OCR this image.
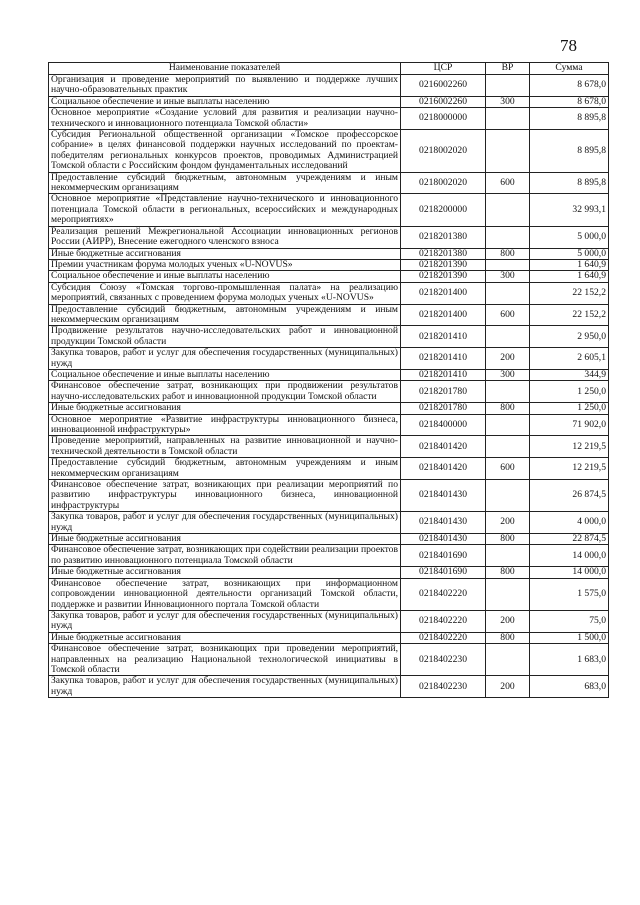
78
Наименование показателей	ЦСР	ВР	Сумма
Организация и проведение мероприятий по выявлению и поддержке лучших научно-образовательных практик	0216002260		8 678,0
Социальное обеспечение и иные выплаты населению	0216002260	300	8 678,0
Основное мероприятие «Создание условий для развития и реализации научно-технического и инновационного потенциала Томской области»	0218000000		8 895,8
Субсидия Региональной общественной организации «Томское профессорское собрание» в целях финансовой поддержки научных исследований по проектам-победителям региональных конкурсов проектов, проводимых Администрацией Томской области с Российским фондом фундаментальных исследований	0218002020		8 895,8
Предоставление субсидий бюджетным, автономным учреждениям и иным некоммерческим организациям	0218002020	600	8 895,8
Основное мероприятие «Представление научно-технического и инновационного потенциала Томской области в региональных, всероссийских и международных мероприятиях»	0218200000		32 993,1
Реализация решений Межрегиональной Ассоциации инновационных регионов России (АИРР), Внесение ежегодного членского взноса	0218201380		5 000,0
Иные бюджетные ассигнования	0218201380	800	5 000,0
Премии участникам форума молодых ученых «U-NOVUS»	0218201390		1 640,9
Социальное обеспечение и иные выплаты населению	0218201390	300	1 640,9
Субсидия Союзу «Томская торгово-промышленная палата» на реализацию мероприятий, связанных с проведением форума молодых ученых «U-NOVUS»	0218201400		22 152,2
Предоставление субсидий бюджетным, автономным учреждениям и иным некоммерческим организациям	0218201400	600	22 152,2
Продвижение результатов научно-исследовательских работ и инновационной продукции Томской области	0218201410		2 950,0
Закупка товаров, работ и услуг для обеспечения государственных (муниципальных) нужд	0218201410	200	2 605,1
Социальное обеспечение и иные выплаты населению	0218201410	300	344,9
Финансовое обеспечение затрат, возникающих при продвижении результатов научно-исследовательских работ и инновационной продукции Томской области	0218201780		1 250,0
Иные бюджетные ассигнования	0218201780	800	1 250,0
Основное мероприятие «Развитие инфраструктуры инновационного бизнеса, инновационной инфраструктуры»	0218400000		71 902,0
Проведение мероприятий, направленных на развитие инновационной и научно-технической деятельности в Томской области	0218401420		12 219,5
Предоставление субсидий бюджетным, автономным учреждениям и иным некоммерческим организациям	0218401420	600	12 219,5
Финансовое обеспечение затрат, возникающих при реализации мероприятий по развитию инфраструктуры инновационного бизнеса, инновационной инфраструктуры	0218401430		26 874,5
Закупка товаров, работ и услуг для обеспечения государственных (муниципальных) нужд	0218401430	200	4 000,0
Иные бюджетные ассигнования	0218401430	800	22 874,5
Финансовое обеспечение затрат, возникающих при содействии реализации проектов по развитию инновационного потенциала Томской области	0218401690		14 000,0
Иные бюджетные ассигнования	0218401690	800	14 000,0
Финансовое обеспечение затрат, возникающих при информационном сопровождении инновационной деятельности организаций Томской области, поддержке и развитии Инновационного портала Томской области	0218402220		1 575,0
Закупка товаров, работ и услуг для обеспечения государственных (муниципальных) нужд	0218402220	200	75,0
Иные бюджетные ассигнования	0218402220	800	1 500,0
Финансовое обеспечение затрат, возникающих при проведении мероприятий, направленных на реализацию Национальной технологической инициативы в Томской области	0218402230		1 683,0
Закупка товаров, работ и услуг для обеспечения государственных (муниципальных) нужд	0218402230	200	683,0
